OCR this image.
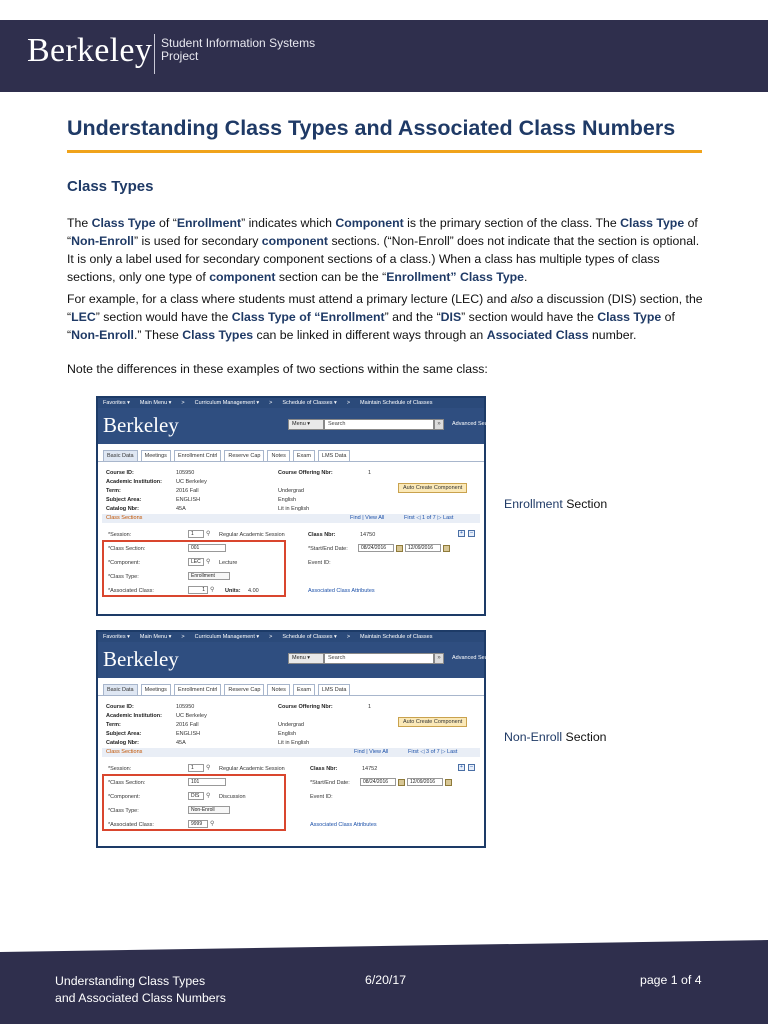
Berkeley Student Information Systems
Project
Understanding Class Types and Associated Class Numbers
Class Types
The Class Type of “Enrollment” indicates which Component is the primary section of the class. The Class Type of “Non-Enroll” is used for secondary component sections. (“Non-Enroll” does not indicate that the section is optional. It is only a label used for secondary component sections of a class.) When a class has multiple types of class sections, only one type of component section can be the “Enrollment” Class Type.
For example, for a class where students must attend a primary lecture (LEC) and also a discussion (DIS) section, the “LEC” section would have the Class Type of “Enrollment” and the “DIS” section would have the Class Type of “Non-Enroll.” These Class Types can be linked in different ways through an Associated Class number.
Note the differences in these examples of two sections within the same class:
Favorites ▾ Main Menu ▾ > Curriculum Management ▾ > Schedule of Classes ▾ > Maintain Schedule of Classes
Berkeley	Menu ▾	Search	»	Advanced Searc
Basic Data	Meetings	Enrollment Cntrl	Reserve Cap	Notes	Exam	LMS Data
Course ID:	105950
Academic Institution:	UC Berkeley
Term:	2016 Fall
Subject Area:	ENGLISH
Catalog Nbr:	45A
Course Offering Nbr:	1
Undergrad
English
Lit in English
Auto Create Component
Class Sections	Find | View All	First ◁ 1 of 7 ▷ Last
*Session:	1	⚲ Regular Academic Session	Class Nbr:	14750	+	–
*Class Section:	001	*Start/End Date:	08/24/2016	12/09/2016
*Component:	LEC ⚲ Lecture	Event ID:
*Class Type:	Enrollment
*Associated Class:	1 ⚲ Units: 4.00	Associated Class Attributes
Enrollment Section
Favorites ▾ Main Menu ▾ > Curriculum Management ▾ > Schedule of Classes ▾ > Maintain Schedule of Classes
Berkeley	Menu ▾	Search	»	Advanced Searc
Basic Data	Meetings	Enrollment Cntrl	Reserve Cap	Notes	Exam	LMS Data
Course ID:	105950
Academic Institution:	UC Berkeley
Term:	2016 Fall
Subject Area:	ENGLISH
Catalog Nbr:	45A
Course Offering Nbr:	1
Undergrad
English
Lit in English
Auto Create Component
Class Sections	Find | View All	First ◁ 3 of 7 ▷ Last
*Session:	1	⚲ Regular Academic Session	Class Nbr:	14752	+	–
*Class Section:	101	*Start/End Date:	08/24/2016	12/09/2016
*Component:	DIS	⚲ Discussion	Event ID:
*Class Type:	Non-Enroll
*Associated Class:	9999	⚲	Associated Class Attributes
Non-Enroll Section
Understanding Class Types
and Associated Class Numbers
6/20/17	page 1 of 4
